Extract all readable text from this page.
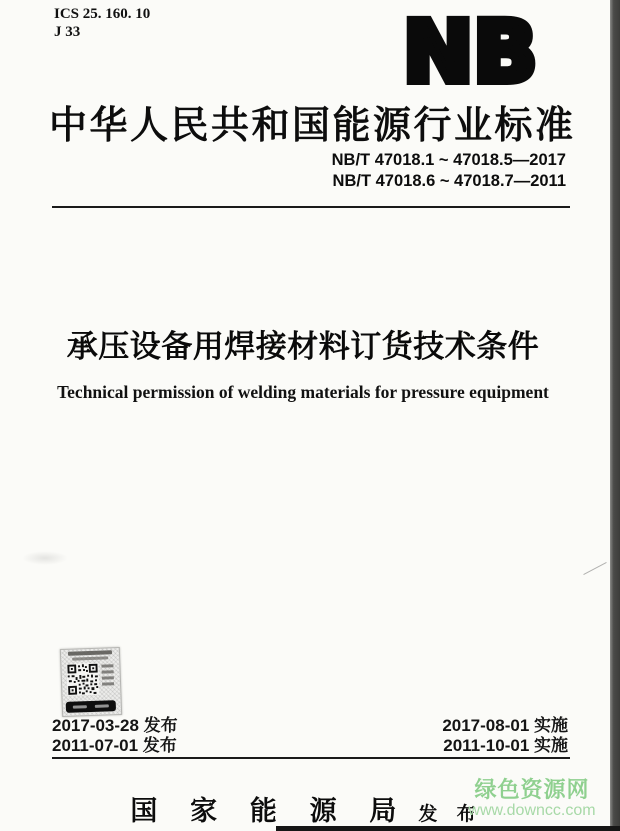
ICS 25. 160. 10
J 33	NB
中华人民共和国能源行业标准
NB/T 47018.1 ~ 47018.5—2017
NB/T 47018.6 ~ 47018.7—2011
承压设备用焊接材料订货技术条件
Technical permission of welding materials for pressure equipment
2017-03-28 发布
2011-07-01 发布
2017-08-01 实施
2011-10-01 实施
国 家 能 源 局 发 布
绿色资源网
www.downcc.com
